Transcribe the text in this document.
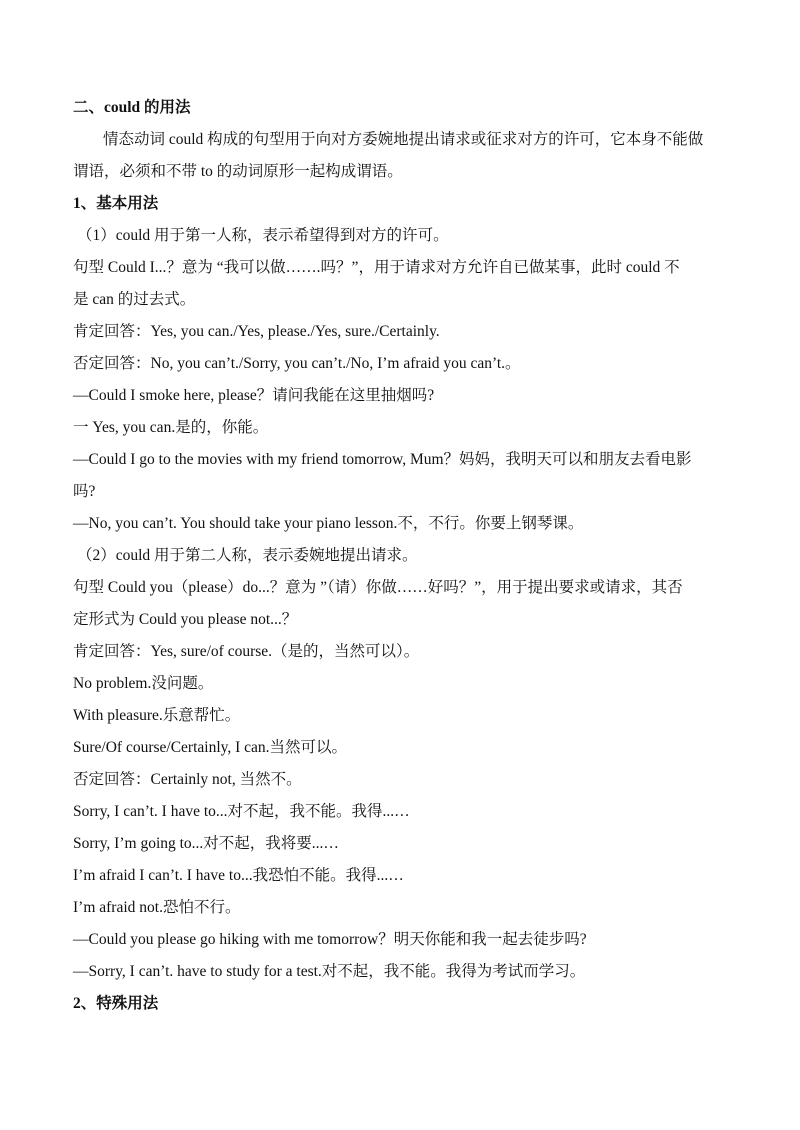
二、could 的用法
情态动词 could 构成的句型用于向对方委婉地提出请求或征求对方的许可，它本身不能做
谓语，必须和不带 to 的动词原形一起构成谓语。
1、基本用法
（1）could 用于第一人称，表示希望得到对方的许可。
句型 Could I...？意为 “我可以做…….吗？”，用于请求对方允许自已做某事，此时 could 不
是 can 的过去式。
肯定回答：Yes, you can./Yes, please./Yes, sure./Certainly.
否定回答：No, you can’t./Sorry, you can’t./No, I’m afraid you can’t.。
—Could I smoke here, please？请问我能在这里抽烟吗?
一 Yes, you can.是的，你能。
—Could I go to the movies with my friend tomorrow, Mum？妈妈，我明天可以和朋友去看电影
吗?
—No, you can’t. You should take your piano lesson.不，不行。你要上钢琴课。
（2）could 用于第二人称，表示委婉地提出请求。
句型 Could you（please）do...？意为 ”（请）你做……好吗？”，用于提出要求或请求，其否
定形式为 Could you please not...？
肯定回答：Yes, sure/of course.（是的，当然可以）。
No problem.没问题。
With pleasure.乐意帮忙。
Sure/Of course/Certainly, I can.当然可以。
否定回答：Certainly not, 当然不。
Sorry, I can’t. I have to...对不起，我不能。我得...…
Sorry, I’m going to...对不起，我将要...…
I’m afraid I can’t. I have to...我恐怕不能。我得...…
I’m afraid not.恐怕不行。
—Could you please go hiking with me tomorrow？明天你能和我一起去徒步吗?
—Sorry, I can’t. have to study for a test.对不起，我不能。我得为考试而学习。
2、特殊用法
